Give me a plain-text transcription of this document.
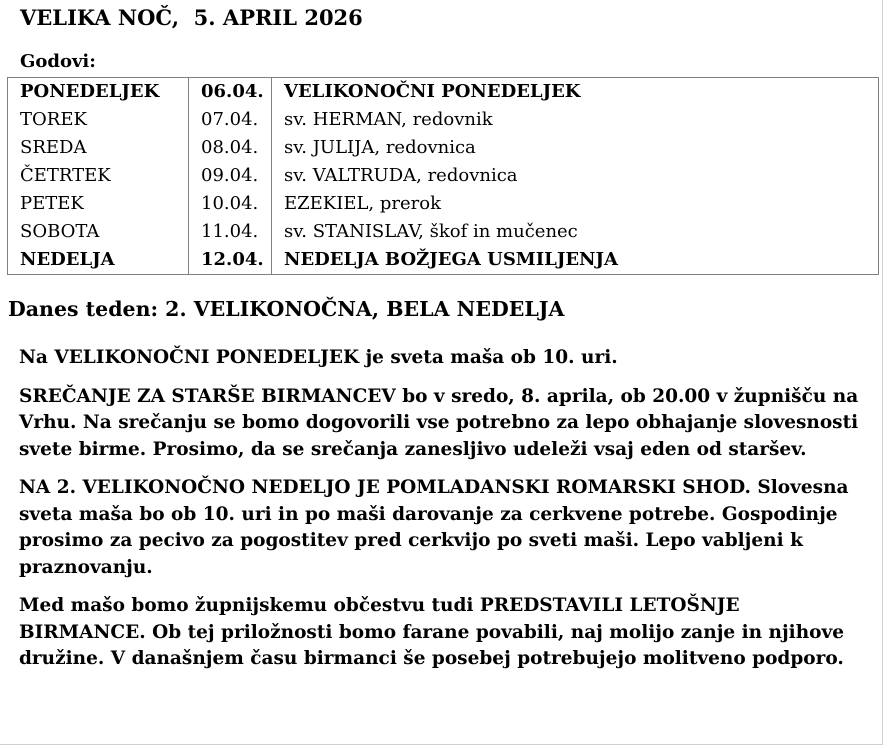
VELIKA NOČ,  5. APRIL 2026
Godovi:
PONEDELJEK	06.04.	VELIKONOČNI PONEDELJEK
TOREK	07.04.	sv. HERMAN, redovnik
SREDA	08.04.	sv. JULIJA, redovnica
ČETRTEK	09.04.	sv. VALTRUDA, redovnica
PETEK	10.04.	EZEKIEL, prerok
SOBOTA	11.04.	sv. STANISLAV, škof in mučenec
NEDELJA	12.04.	NEDELJA BOŽJEGA USMILJENJA
Danes teden: 2. VELIKONOČNA, BELA NEDELJA

Na VELIKONOČNI PONEDELJEK je sveta maša ob 10. uri.

SREČANJE ZA STARŠE BIRMANCEV bo v sredo, 8. aprila, ob 20.00 v župnišču na Vrhu. Na srečanju se bomo dogovorili vse potrebno za lepo obhajanje slovesnosti svete birme. Prosimo, da se srečanja zanesljivo udeleži vsaj eden od staršev.

NA 2. VELIKONOČNO NEDELJO JE POMLADANSKI ROMARSKI SHOD. Slovesna sveta maša bo ob 10. uri in po maši darovanje za cerkvene potrebe. Gospodinje prosimo za pecivo za pogostitev pred cerkvijo po sveti maši. Lepo vabljeni k praznovanju.

Med mašo bomo župnijskemu občestvu tudi PREDSTAVILI LETOŠNJE BIRMANCE. Ob tej priložnosti bomo farane povabili, naj molijo zanje in njihove družine. V današnjem času birmanci še posebej potrebujejo molitveno podporo.
